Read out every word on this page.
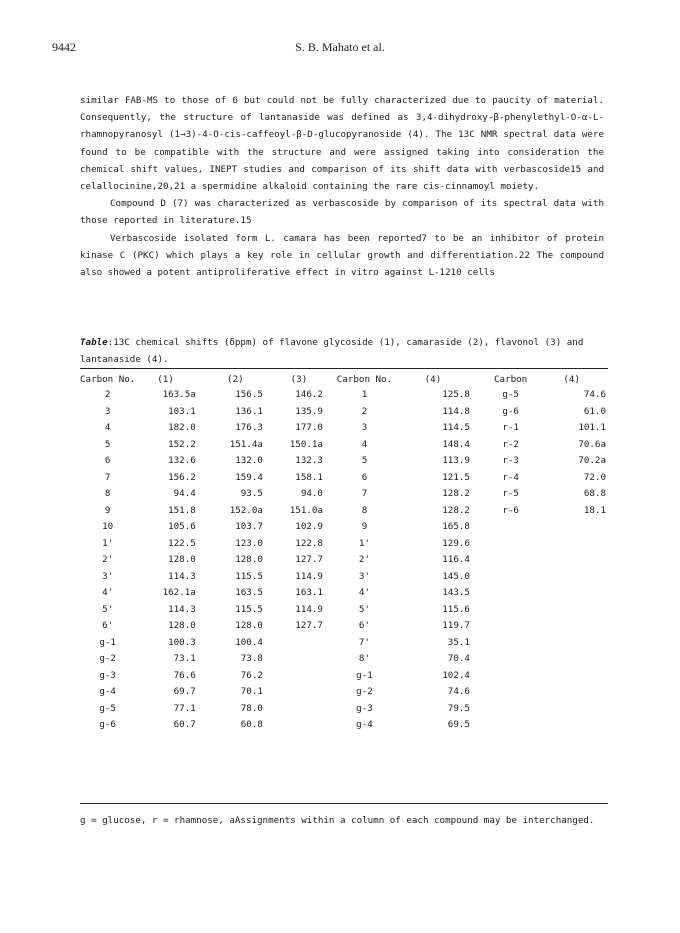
9442	S. B. Mahato et al.

similar FAB-MS to those of 6 but could not be fully characterized due to paucity of material. Consequently, the structure of lantanaside was defined as 3,4-dihydroxy-β-phenylethyl-O-α-L-rhamnopyranosyl (1→3)-4-O-cis-caffeoyl-β-D-glucopyranoside (4). The 13C NMR spectral data were found to be compatible with the structure and were assigned taking into consideration the chemical shift values, INEPT studies and comparison of its shift data with verbascoside15 and celallocinine,20,21 a spermidine alkaloid containing the rare cis-cinnamoyl moiety.

Compound D (7) was characterized as verbascoside by comparison of its spectral data with those reported in literature.15

Verbascoside isolated form L. camara has been reported7 to be an inhibitor of protein kinase C (PKC) which plays a key role in cellular growth and differentiation.22 The compound also showed a potent antiproliferative effect in vitro against L-1210 cells

Table:13C chemical shifts (δppm) of flavone glycoside (1), camaraside (2), flavonol (3) and lantanaside (4).
Carbon No.	(1)	(2)	(3)	Carbon No.	(4)	Carbon	(4)
2	163.5a	156.5	146.2	1	125.8	g-5	74.6
3	103.1	136.1	135.9	2	114.8	g-6	61.0
4	182.0	176.3	177.0	3	114.5	r-1	101.1
5	152.2	151.4a	150.1a	4	148.4	r-2	70.6a
6	132.6	132.0	132.3	5	113.9	r-3	70.2a
7	156.2	159.4	158.1	6	121.5	r-4	72.0
8	94.4	93.5	94.0	7	128.2	r-5	68.8
9	151.8	152.0a	151.0a	8	128.2	r-6	18.1
10	105.6	103.7	102.9	9	165.8		
1'	122.5	123.0	122.8	1'	129.6		
2'	128.0	128.0	127.7	2'	116.4		
3'	114.3	115.5	114.9	3'	145.0		
4'	162.1a	163.5	163.1	4'	143.5		
5'	114.3	115.5	114.9	5'	115.6		
6'	128.0	128.0	127.7	6'	119.7		
g-1	100.3	100.4		7'	35.1		
g-2	73.1	73.8		8'	70.4		
g-3	76.6	76.2		g-1	102.4		
g-4	69.7	70.1		g-2	74.6		
g-5	77.1	78.0		g-3	79.5		
g-6	60.7	60.8		g-4	69.5		
g = glucose, r = rhamnose, aAssignments within a column of each compound may be interchanged.
